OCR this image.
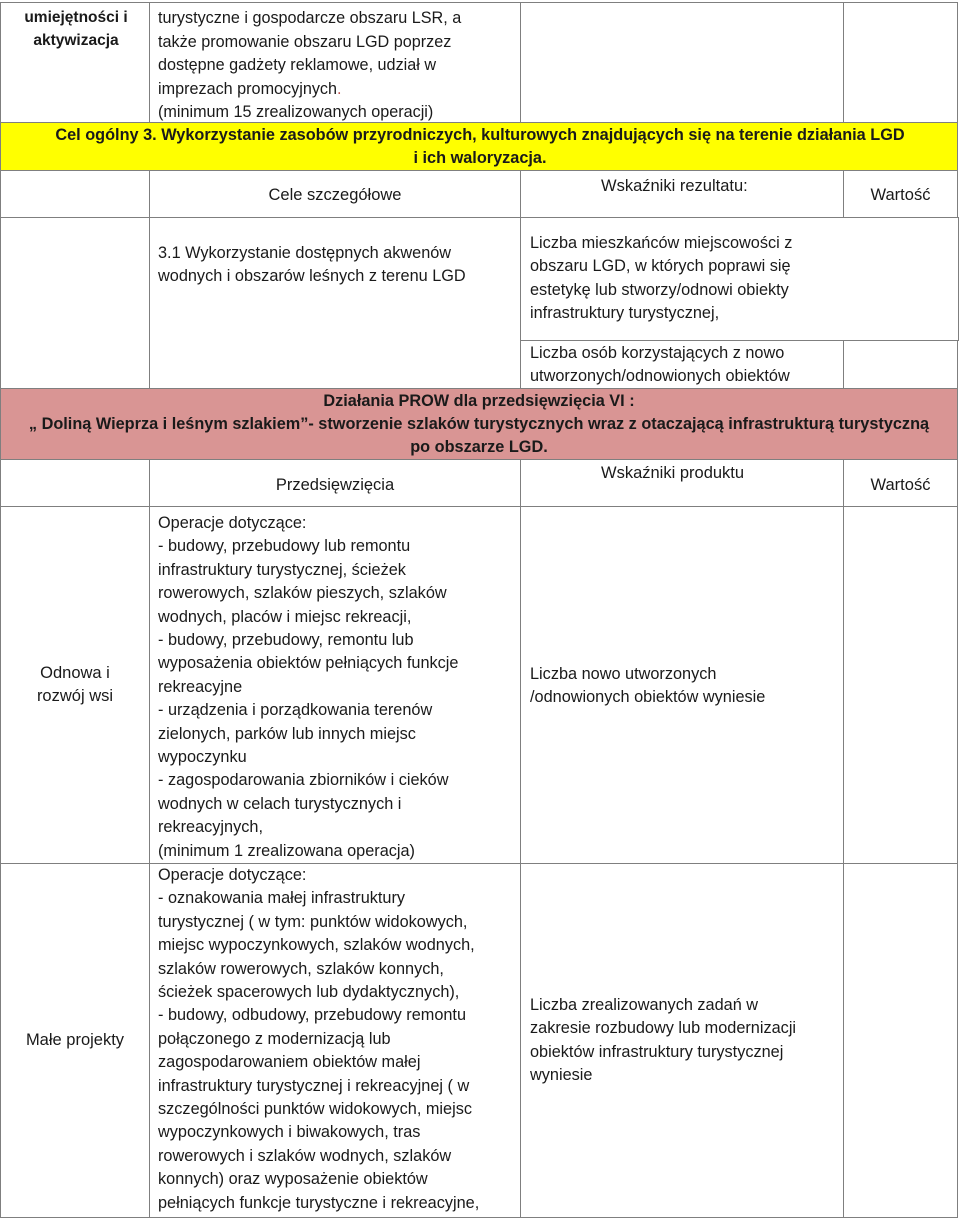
umiejętności i
aktywizacja
turystyczne i gospodarcze obszaru LSR, a
także promowanie obszaru LGD poprzez
dostępne gadżety reklamowe, udział w
imprezach promocyjnych.
(minimum 15 zrealizowanych operacji)
Cel ogólny 3. Wykorzystanie zasobów przyrodniczych, kulturowych znajdujących się na terenie działania LGD
i ich waloryzacja.
Cele szczegółowe	Wskaźniki rezultatu:	Wartość
3.1 Wykorzystanie dostępnych akwenów
wodnych i obszarów leśnych z terenu LGD
Liczba mieszkańców miejscowości z
obszaru LGD, w których poprawi się
estetykę lub stworzy/odnowi obiekty
infrastruktury turystycznej,
Liczba osób korzystających z nowo
utworzonych/odnowionych obiektów
Działania PROW dla przedsięwzięcia VI :
„ Doliną Wieprza i leśnym szlakiem”- stworzenie szlaków turystycznych wraz z otaczającą infrastrukturą turystyczną
po obszarze LGD.
Przedsięwzięcia
Wskaźniki produktu
Wartość
Odnowa i
rozwój wsi
Operacje dotyczące:
- budowy, przebudowy lub remontu
infrastruktury turystycznej, ścieżek
rowerowych, szlaków pieszych, szlaków
wodnych, placów i miejsc rekreacji,
- budowy, przebudowy, remontu lub
wyposażenia obiektów pełniących funkcje
rekreacyjne
- urządzenia i porządkowania terenów
zielonych, parków lub innych miejsc
wypoczynku
- zagospodarowania zbiorników i cieków
wodnych w celach turystycznych i
rekreacyjnych,
(minimum 1 zrealizowana operacja)
Liczba nowo utworzonych
/odnowionych obiektów wyniesie
Małe projekty
Operacje dotyczące:
- oznakowania małej infrastruktury
turystycznej ( w tym: punktów widokowych,
miejsc wypoczynkowych, szlaków wodnych,
szlaków rowerowych, szlaków konnych,
ścieżek spacerowych lub dydaktycznych),
- budowy, odbudowy, przebudowy remontu
połączonego z modernizacją lub
zagospodarowaniem obiektów małej
infrastruktury turystycznej i rekreacyjnej ( w
szczególności punktów widokowych, miejsc
wypoczynkowych i biwakowych, tras
rowerowych i szlaków wodnych, szlaków
konnych) oraz wyposażenie obiektów
pełniących funkcje turystyczne i rekreacyjne,
Liczba zrealizowanych zadań w
zakresie rozbudowy lub modernizacji
obiektów infrastruktury turystycznej
wyniesie
